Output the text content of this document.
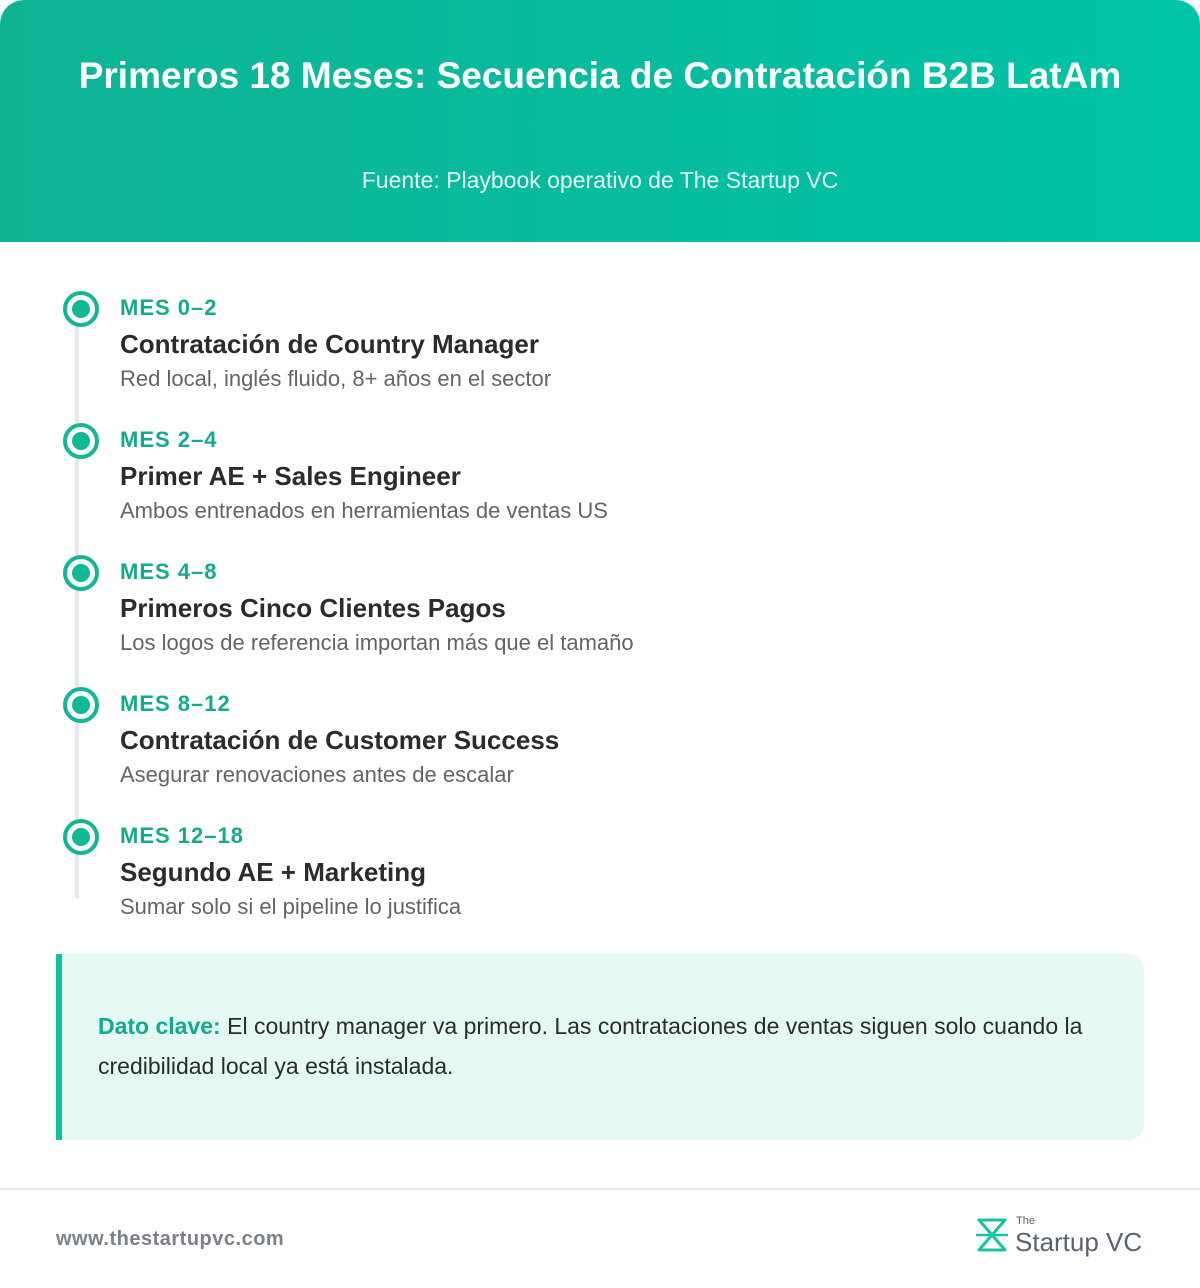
Primeros 18 Meses: Secuencia de Contratación B2B LatAm
Fuente: Playbook operativo de The Startup VC
MES 0–2
Contratación de Country Manager
Red local, inglés fluido, 8+ años en el sector
MES 2–4
Primer AE + Sales Engineer
Ambos entrenados en herramientas de ventas US
MES 4–8
Primeros Cinco Clientes Pagos
Los logos de referencia importan más que el tamaño
MES 8–12
Contratación de Customer Success
Asegurar renovaciones antes de escalar
MES 12–18
Segundo AE + Marketing
Sumar solo si el pipeline lo justifica
Dato clave: El country manager va primero. Las contrataciones de ventas siguen solo cuando la credibilidad local ya está instalada.
www.thestartupvc.com
The
Startup VC
